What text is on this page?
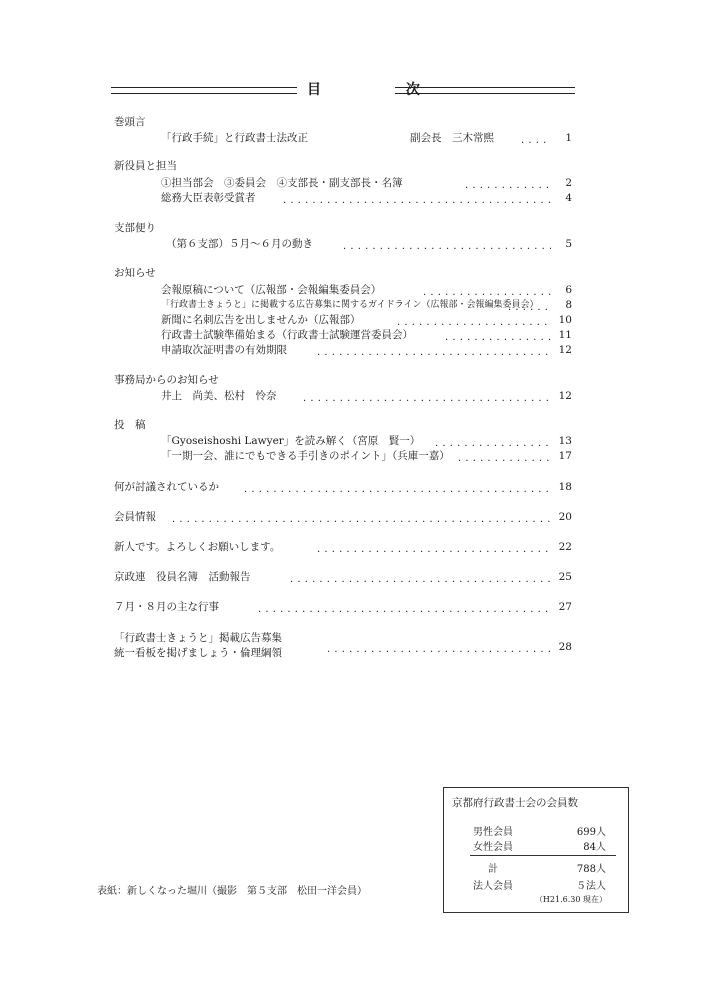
目 次
巻頭言
「行政手続」と行政書士法改正	副会長　三木常熙 · · ·	1
新役員と担当
①担当部会　③委員会　④支部長・副支部長・名簿 · · ·	2
総務大臣表彰受賞者 · · ·	4
支部便り
（第６支部）５月～６月の動き · · ·	5
お知らせ
会報原稿について（広報部・会報編集委員会） · · ·	6
「行政書士きょうと」に掲載する広告募集に関するガイドライン（広報部・会報編集委員会） · · ·	8
新聞に名刺広告を出しませんか（広報部） · · ·	10
行政書士試験準備始まる（行政書士試験運営委員会） · · ·	11
申請取次証明書の有効期限 · · ·	12
事務局からのお知らせ
井上　尚美、松村　怜奈 · · ·	12
投　稿
「Gyoseishoshi Lawyer」を読み解く（宮原　賢一） · · ·	13
「一期一会、誰にでもできる手引きのポイント」（兵庫一嘉） · · ·	17
何が討議されているか · · ·	18
会員情報 · · ·	20
新人です。よろしくお願いします。 · · ·	22
京政連　役員名簿　活動報告 · · ·	25
７月・８月の主な行事 · · ·	27
「行政書士きょうと」掲載広告募集
統一看板を掲げましょう・倫理綱領 · · ·	28
表紙：新しくなった堀川（撮影　第５支部　松田一洋会員）
京都府行政書士会の会員数
男性会員	699人
女性会員	84人
計	788人
法人会員	５法人
（H21.6.30 現在）
